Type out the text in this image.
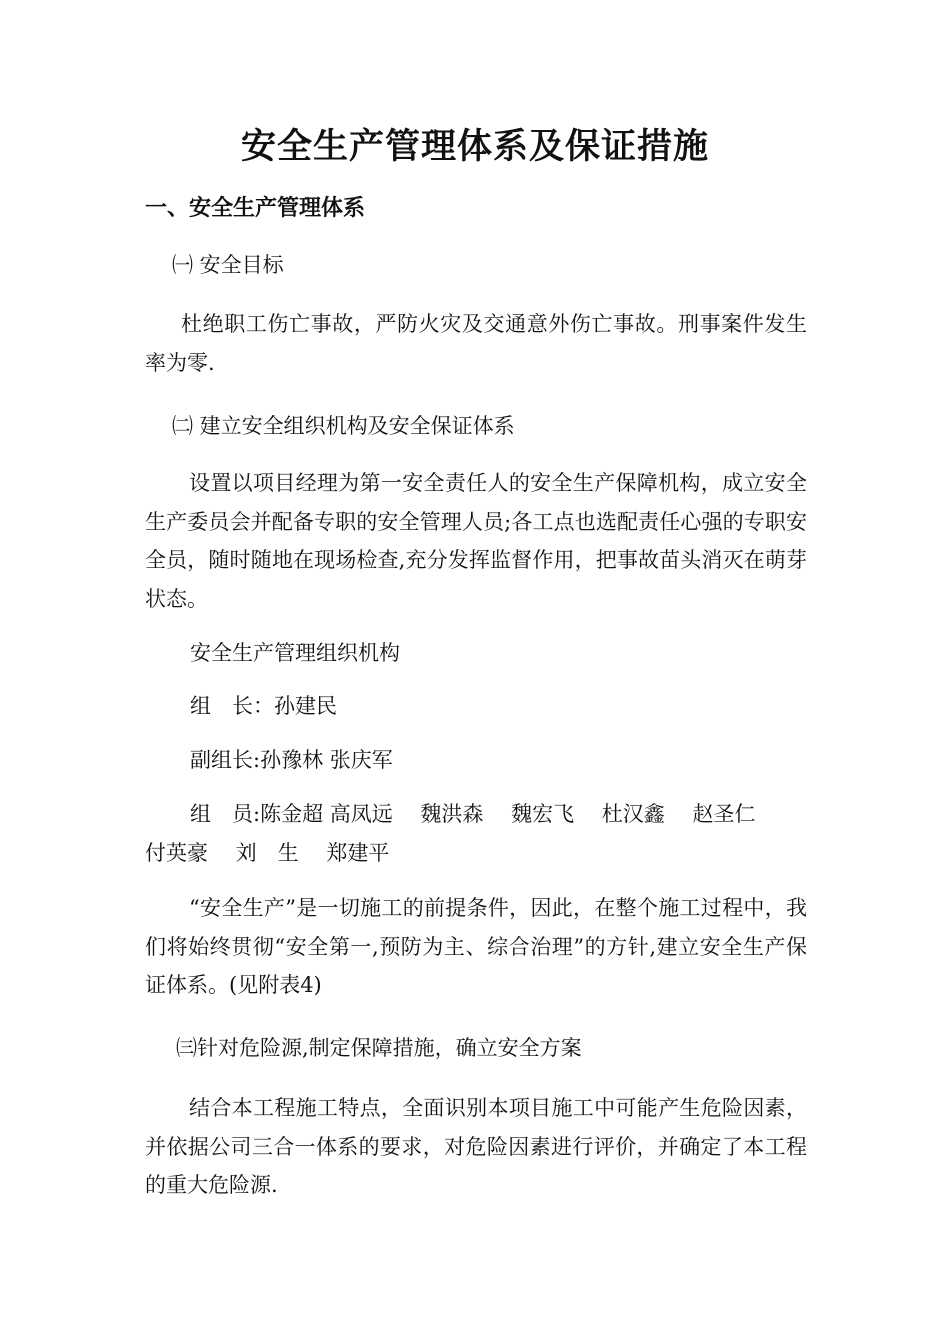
安全生产管理体系及保证措施
一、安全生产管理体系
㈠ 安全目标
杜绝职工伤亡事故，严防火灾及交通意外伤亡事故。刑事案件发生率为零.
㈡ 建立安全组织机构及安全保证体系
设置以项目经理为第一安全责任人的安全生产保障机构，成立安全生产委员会并配备专职的安全管理人员;各工点也选配责任心强的专职安全员，随时随地在现场检查,充分发挥监督作用，把事故苗头消灭在萌芽状态。
安全生产管理组织机构
组　长：孙建民
副组长:孙豫林 张庆军
组　员:陈金超 高凤远　 魏洪森　 魏宏飞　 杜汉鑫　 赵圣仁　　付英豪　 刘　生　 郑建平
“安全生产”是一切施工的前提条件，因此，在整个施工过程中，我们将始终贯彻“安全第一,预防为主、综合治理”的方针,建立安全生产保证体系。(见附表4)
㈢针对危险源,制定保障措施，确立安全方案
结合本工程施工特点，全面识别本项目施工中可能产生危险因素，并依据公司三合一体系的要求，对危险因素进行评价，并确定了本工程的重大危险源.
